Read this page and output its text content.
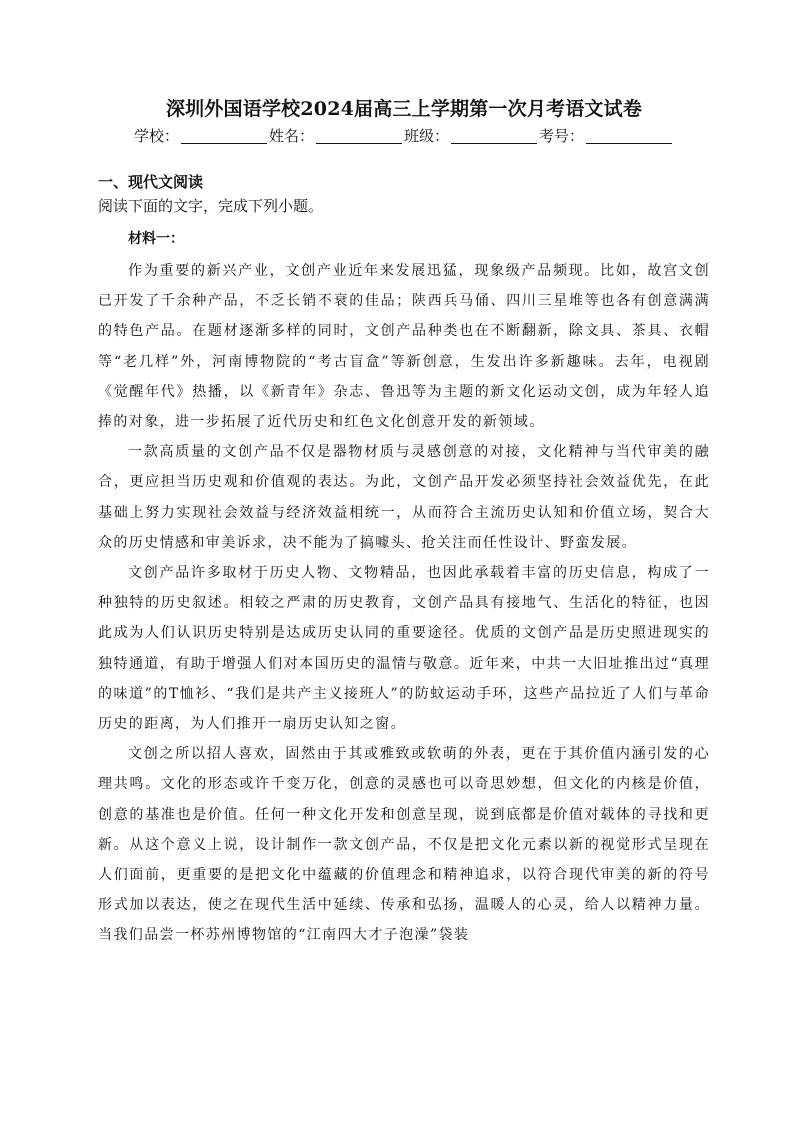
深圳外国语学校2024届高三上学期第一次月考语文试卷
学校：	姓名：	班级：	考号：
一、现代文阅读
阅读下面的文字，完成下列小题。
材料一：

作为重要的新兴产业，文创产业近年来发展迅猛，现象级产品频现。比如，故宫文创已开发了千余种产品，不乏长销不衰的佳品；陕西兵马俑、四川三星堆等也各有创意满满的特色产品。在题材逐渐多样的同时，文创产品种类也在不断翻新，除文具、茶具、衣帽等“老几样”外，河南博物院的“考古盲盒”等新创意，生发出许多新趣味。去年，电视剧《觉醒年代》热播，以《新青年》杂志、鲁迅等为主题的新文化运动文创，成为年轻人追捧的对象，进一步拓展了近代历史和红色文化创意开发的新领域。

一款高质量的文创产品不仅是器物材质与灵感创意的对接，文化精神与当代审美的融合，更应担当历史观和价值观的表达。为此，文创产品开发必须坚持社会效益优先，在此基础上努力实现社会效益与经济效益相统一，从而符合主流历史认知和价值立场，契合大众的历史情感和审美诉求，决不能为了搞噱头、抢关注而任性设计、野蛮发展。

文创产品许多取材于历史人物、文物精品，也因此承载着丰富的历史信息，构成了一种独特的历史叙述。相较之严肃的历史教育，文创产品具有接地气、生活化的特征，也因此成为人们认识历史特别是达成历史认同的重要途径。优质的文创产品是历史照进现实的独特通道，有助于增强人们对本国历史的温情与敬意。近年来，中共一大旧址推出过“真理的味道”的T恤衫、“我们是共产主义接班人”的防蚊运动手环，这些产品拉近了人们与革命历史的距离，为人们推开一扇历史认知之窗。

文创之所以招人喜欢，固然由于其或雅致或软萌的外表，更在于其价值内涵引发的心理共鸣。文化的形态或许千变万化，创意的灵感也可以奇思妙想，但文化的内核是价值，创意的基准也是价值。任何一种文化开发和创意呈现，说到底都是价值对载体的寻找和更新。从这个意义上说，设计制作一款文创产品，不仅是把文化元素以新的视觉形式呈现在人们面前，更重要的是把文化中蕴藏的价值理念和精神追求，以符合现代审美的新的符号形式加以表达，使之在现代生活中延续、传承和弘扬，温暖人的心灵，给人以精神力量。当我们品尝一杯苏州博物馆的“江南四大才子泡澡”袋装
